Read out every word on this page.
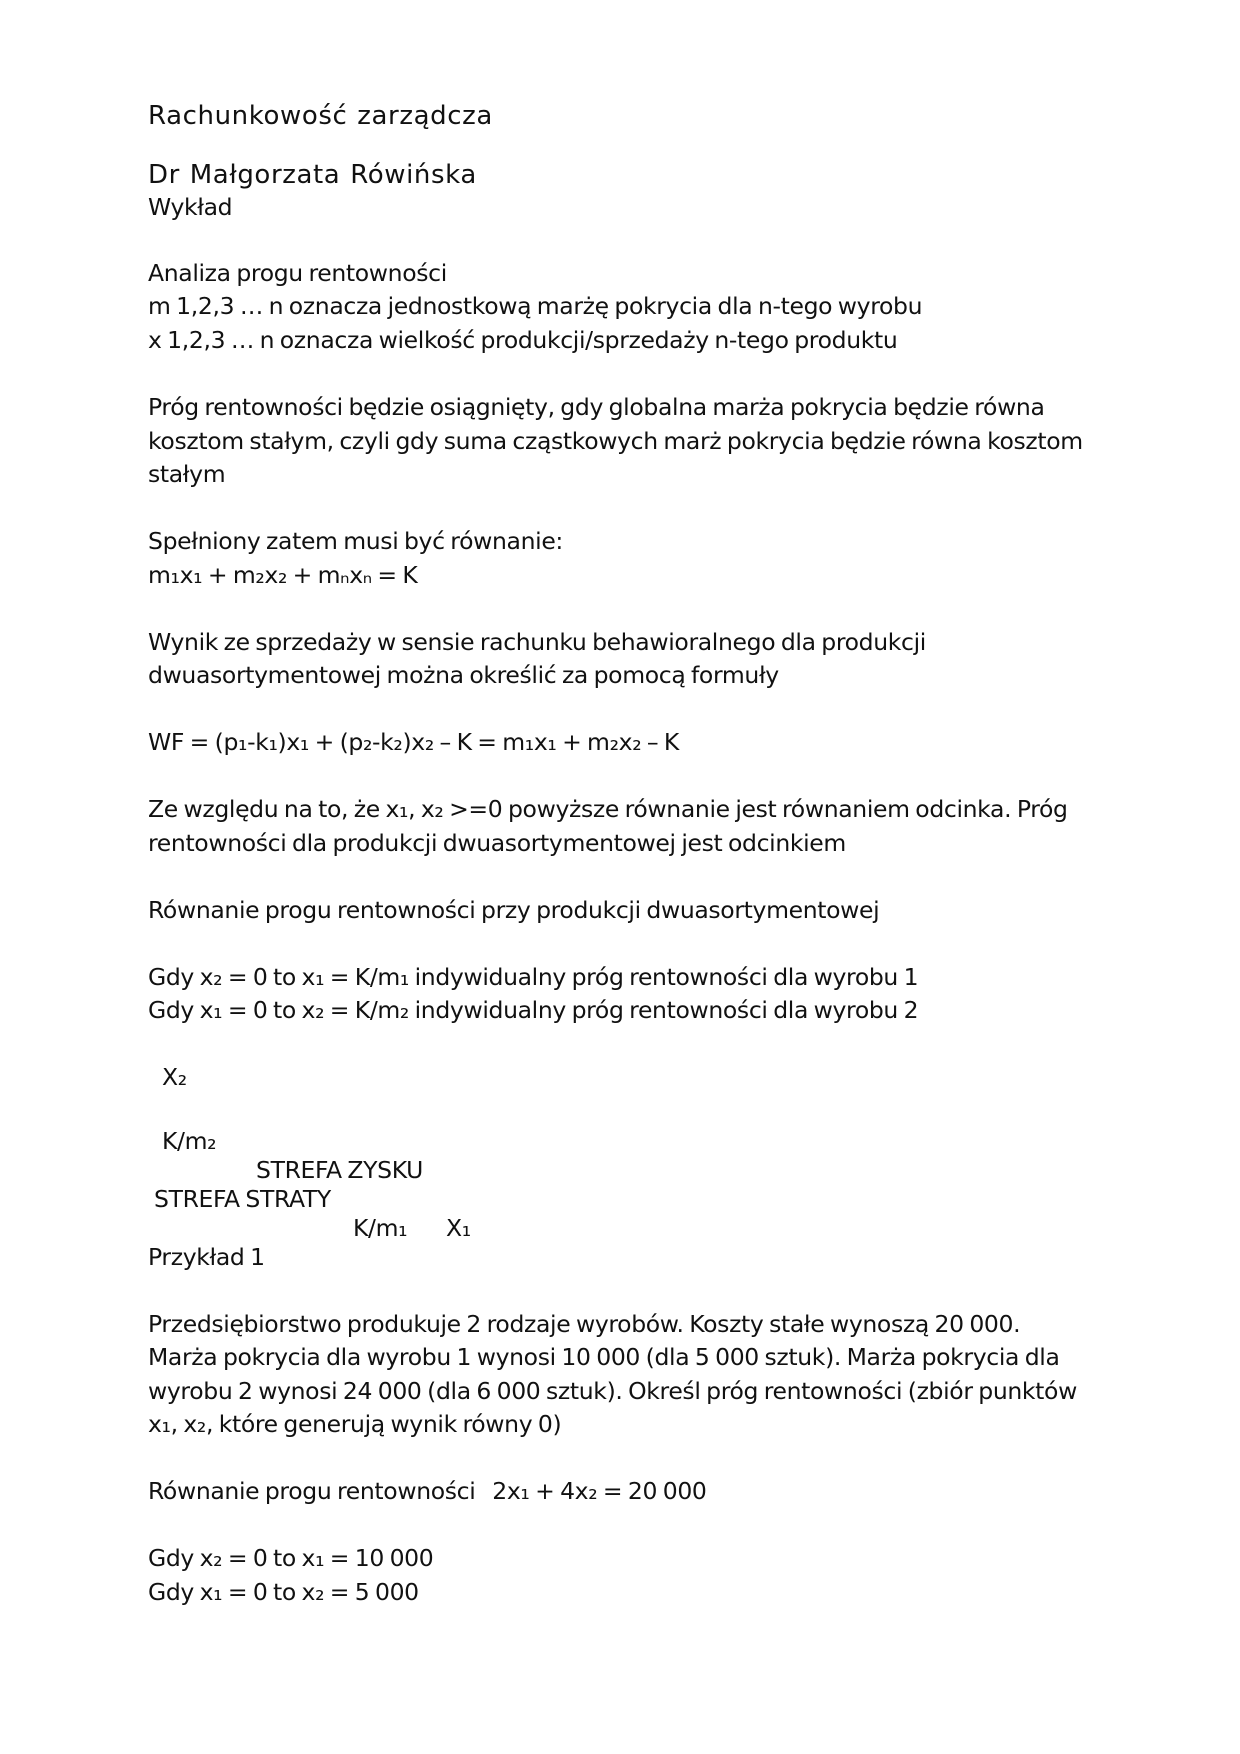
Rachunkowość zarządcza
Dr Małgorzata Rówińska
Wykład
Analiza progu rentowności
m 1,2,3 … n oznacza jednostkową marżę pokrycia dla n-tego wyrobu
x 1,2,3 … n oznacza wielkość produkcji/sprzedaży n-tego produktu
Próg rentowności będzie osiągnięty, gdy globalna marża pokrycia będzie równa
kosztom stałym, czyli gdy suma cząstkowych marż pokrycia będzie równa kosztom
stałym
Spełniony zatem musi być równanie:
m₁x₁ + m₂x₂ + mₙxₙ = K
Wynik ze sprzedaży w sensie rachunku behawioralnego dla produkcji
dwuasortymentowej można określić za pomocą formuły
WF = (p₁-k₁)x₁ + (p₂-k₂)x₂ – K = m₁x₁ + m₂x₂ – K
Ze względu na to, że x₁, x₂ >=0 powyższe równanie jest równaniem odcinka. Próg
rentowności dla produkcji dwuasortymentowej jest odcinkiem
Równanie progu rentowności przy produkcji dwuasortymentowej
Gdy x₂ = 0 to x₁ = K/m₁ indywidualny próg rentowności dla wyrobu 1
Gdy x₁ = 0 to x₂ = K/m₂ indywidualny próg rentowności dla wyrobu 2
X₂
K/m₂
STREFA ZYSKU
STREFA STRATY
K/m₁ X₁
Przykład 1
Przedsiębiorstwo produkuje 2 rodzaje wyrobów. Koszty stałe wynoszą 20 000.
Marża pokrycia dla wyrobu 1 wynosi 10 000 (dla 5 000 sztuk). Marża pokrycia dla
wyrobu 2 wynosi 24 000 (dla 6 000 sztuk). Określ próg rentowności (zbiór punktów
x₁, x₂, które generują wynik równy 0)
Równanie progu rentowności   2x₁ + 4x₂ = 20 000
Gdy x₂ = 0 to x₁ = 10 000
Gdy x₁ = 0 to x₂ = 5 000
